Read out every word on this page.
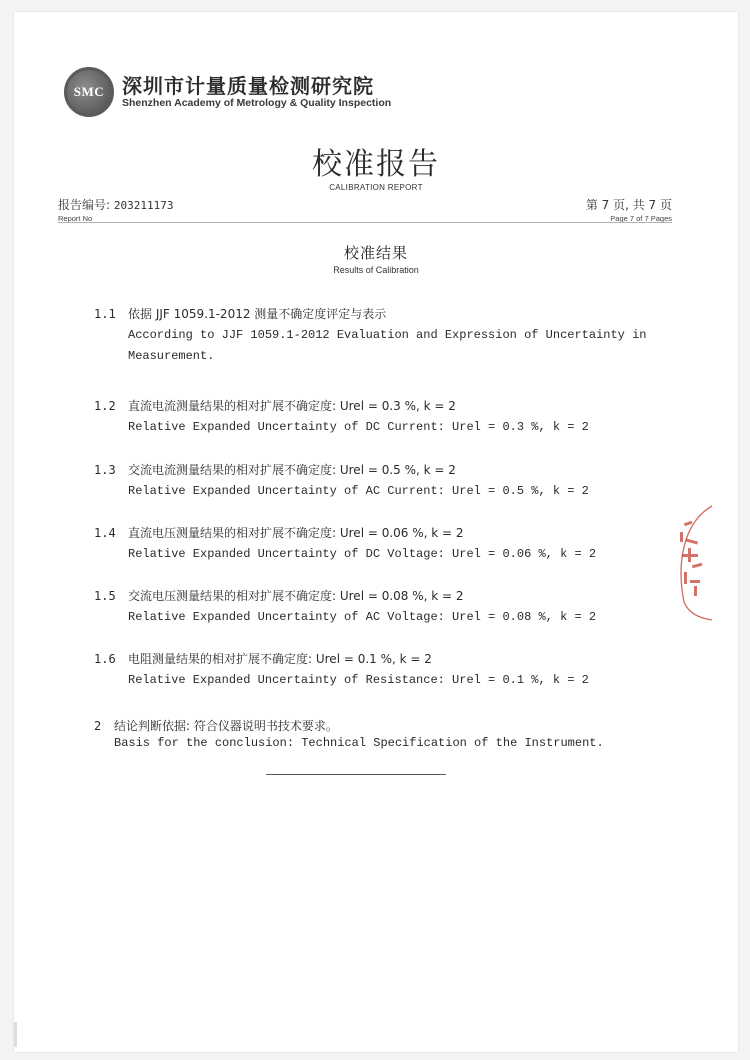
SMC 深圳市计量质量检测研究院
Shenzhen Academy of Metrology & Quality Inspection
校准报告
CALIBRATION REPORT
报告编号: 203211173
Report No
第 7 页, 共 7 页
Page 7 of 7 Pages
校准结果
Results of Calibration
1.1	依据 JJF 1059.1-2012 测量不确定度评定与表示
According to JJF 1059.1-2012 Evaluation and Expression of Uncertainty in
Measurement.
1.2	直流电流测量结果的相对扩展不确定度: Urel = 0.3 %, k = 2
Relative Expanded Uncertainty of DC Current: Urel = 0.3 %, k = 2
1.3	交流电流测量结果的相对扩展不确定度: Urel = 0.5 %, k = 2
Relative Expanded Uncertainty of AC Current: Urel = 0.5 %, k = 2
1.4	直流电压测量结果的相对扩展不确定度: Urel = 0.06 %, k = 2
Relative Expanded Uncertainty of DC Voltage: Urel = 0.06 %, k = 2
1.5	交流电压测量结果的相对扩展不确定度: Urel = 0.08 %, k = 2
Relative Expanded Uncertainty of AC Voltage: Urel = 0.08 %, k = 2
1.6	电阻测量结果的相对扩展不确定度: Urel = 0.1 %, k = 2
Relative Expanded Uncertainty of Resistance: Urel = 0.1 %, k = 2
2 结论判断依据: 符合仪器说明书技术要求。
Basis for the conclusion: Technical Specification of the Instrument.
